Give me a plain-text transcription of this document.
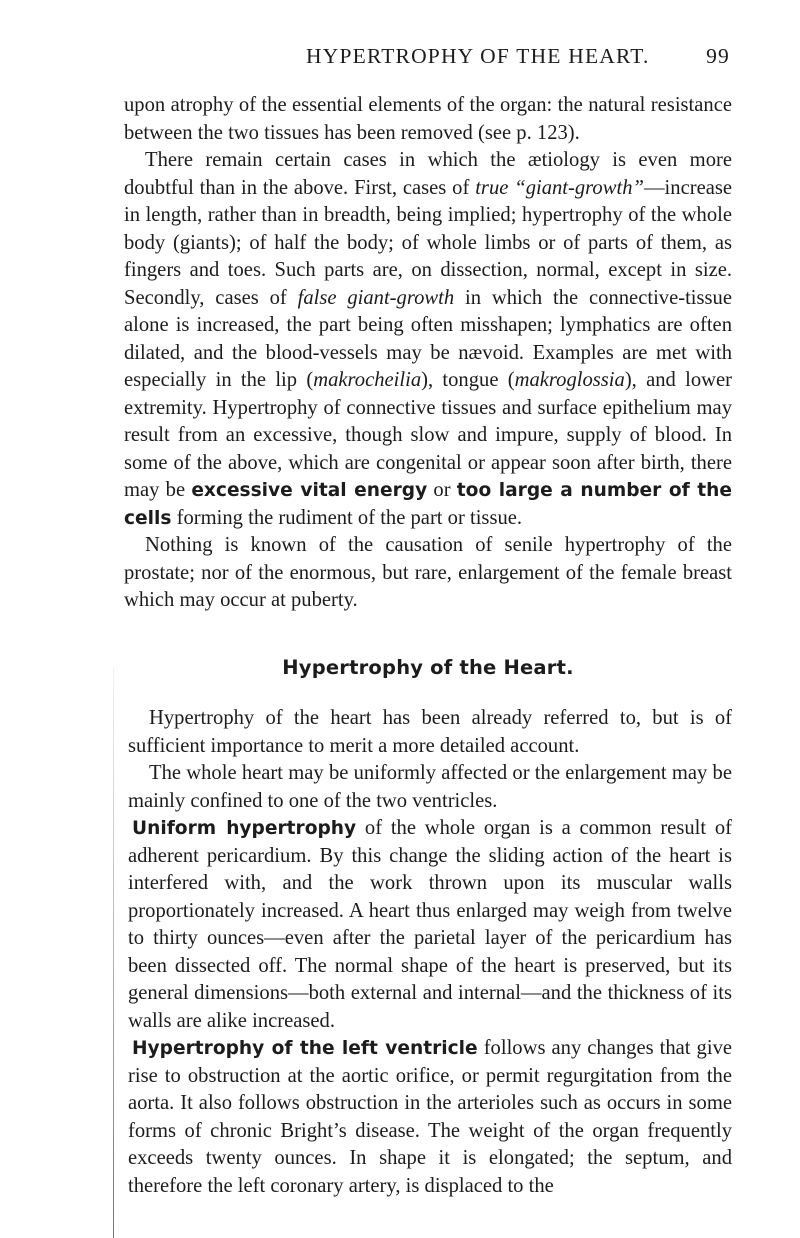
HYPERTROPHY OF THE HEART.	99

upon atrophy of the essential elements of the organ: the natural resistance between the two tissues has been removed (see p. 123).

There remain certain cases in which the ætiology is even more doubtful than in the above. First, cases of true “giant-growth”—increase in length, rather than in breadth, being implied; hypertrophy of the whole body (giants); of half the body; of whole limbs or of parts of them, as fingers and toes. Such parts are, on dissection, normal, except in size. Secondly, cases of false giant-growth in which the connective-tissue alone is increased, the part being often misshapen; lymphatics are often dilated, and the blood-vessels may be nævoid. Examples are met with especially in the lip (makrocheilia), tongue (makroglossia), and lower extremity. Hypertrophy of connective tissues and surface epithelium may result from an excessive, though slow and impure, supply of blood. In some of the above, which are congenital or appear soon after birth, there may be excessive vital energy or too large a number of the cells forming the rudiment of the part or tissue.

Nothing is known of the causation of senile hypertrophy of the prostate; nor of the enormous, but rare, enlargement of the female breast which may occur at puberty.

Hypertrophy of the Heart.

Hypertrophy of the heart has been already referred to, but is of sufficient importance to merit a more detailed account.

The whole heart may be uniformly affected or the enlargement may be mainly confined to one of the two ventricles.

Uniform hypertrophy of the whole organ is a common result of adherent pericardium. By this change the sliding action of the heart is interfered with, and the work thrown upon its muscular walls proportionately increased. A heart thus enlarged may weigh from twelve to thirty ounces—even after the parietal layer of the pericardium has been dissected off. The normal shape of the heart is preserved, but its general dimensions—both external and internal—and the thickness of its walls are alike increased.

Hypertrophy of the left ventricle follows any changes that give rise to obstruction at the aortic orifice, or permit regurgitation from the aorta. It also follows obstruction in the arterioles such as occurs in some forms of chronic Bright’s disease. The weight of the organ frequently exceeds twenty ounces. In shape it is elongated; the septum, and therefore the left coronary artery, is displaced to the
